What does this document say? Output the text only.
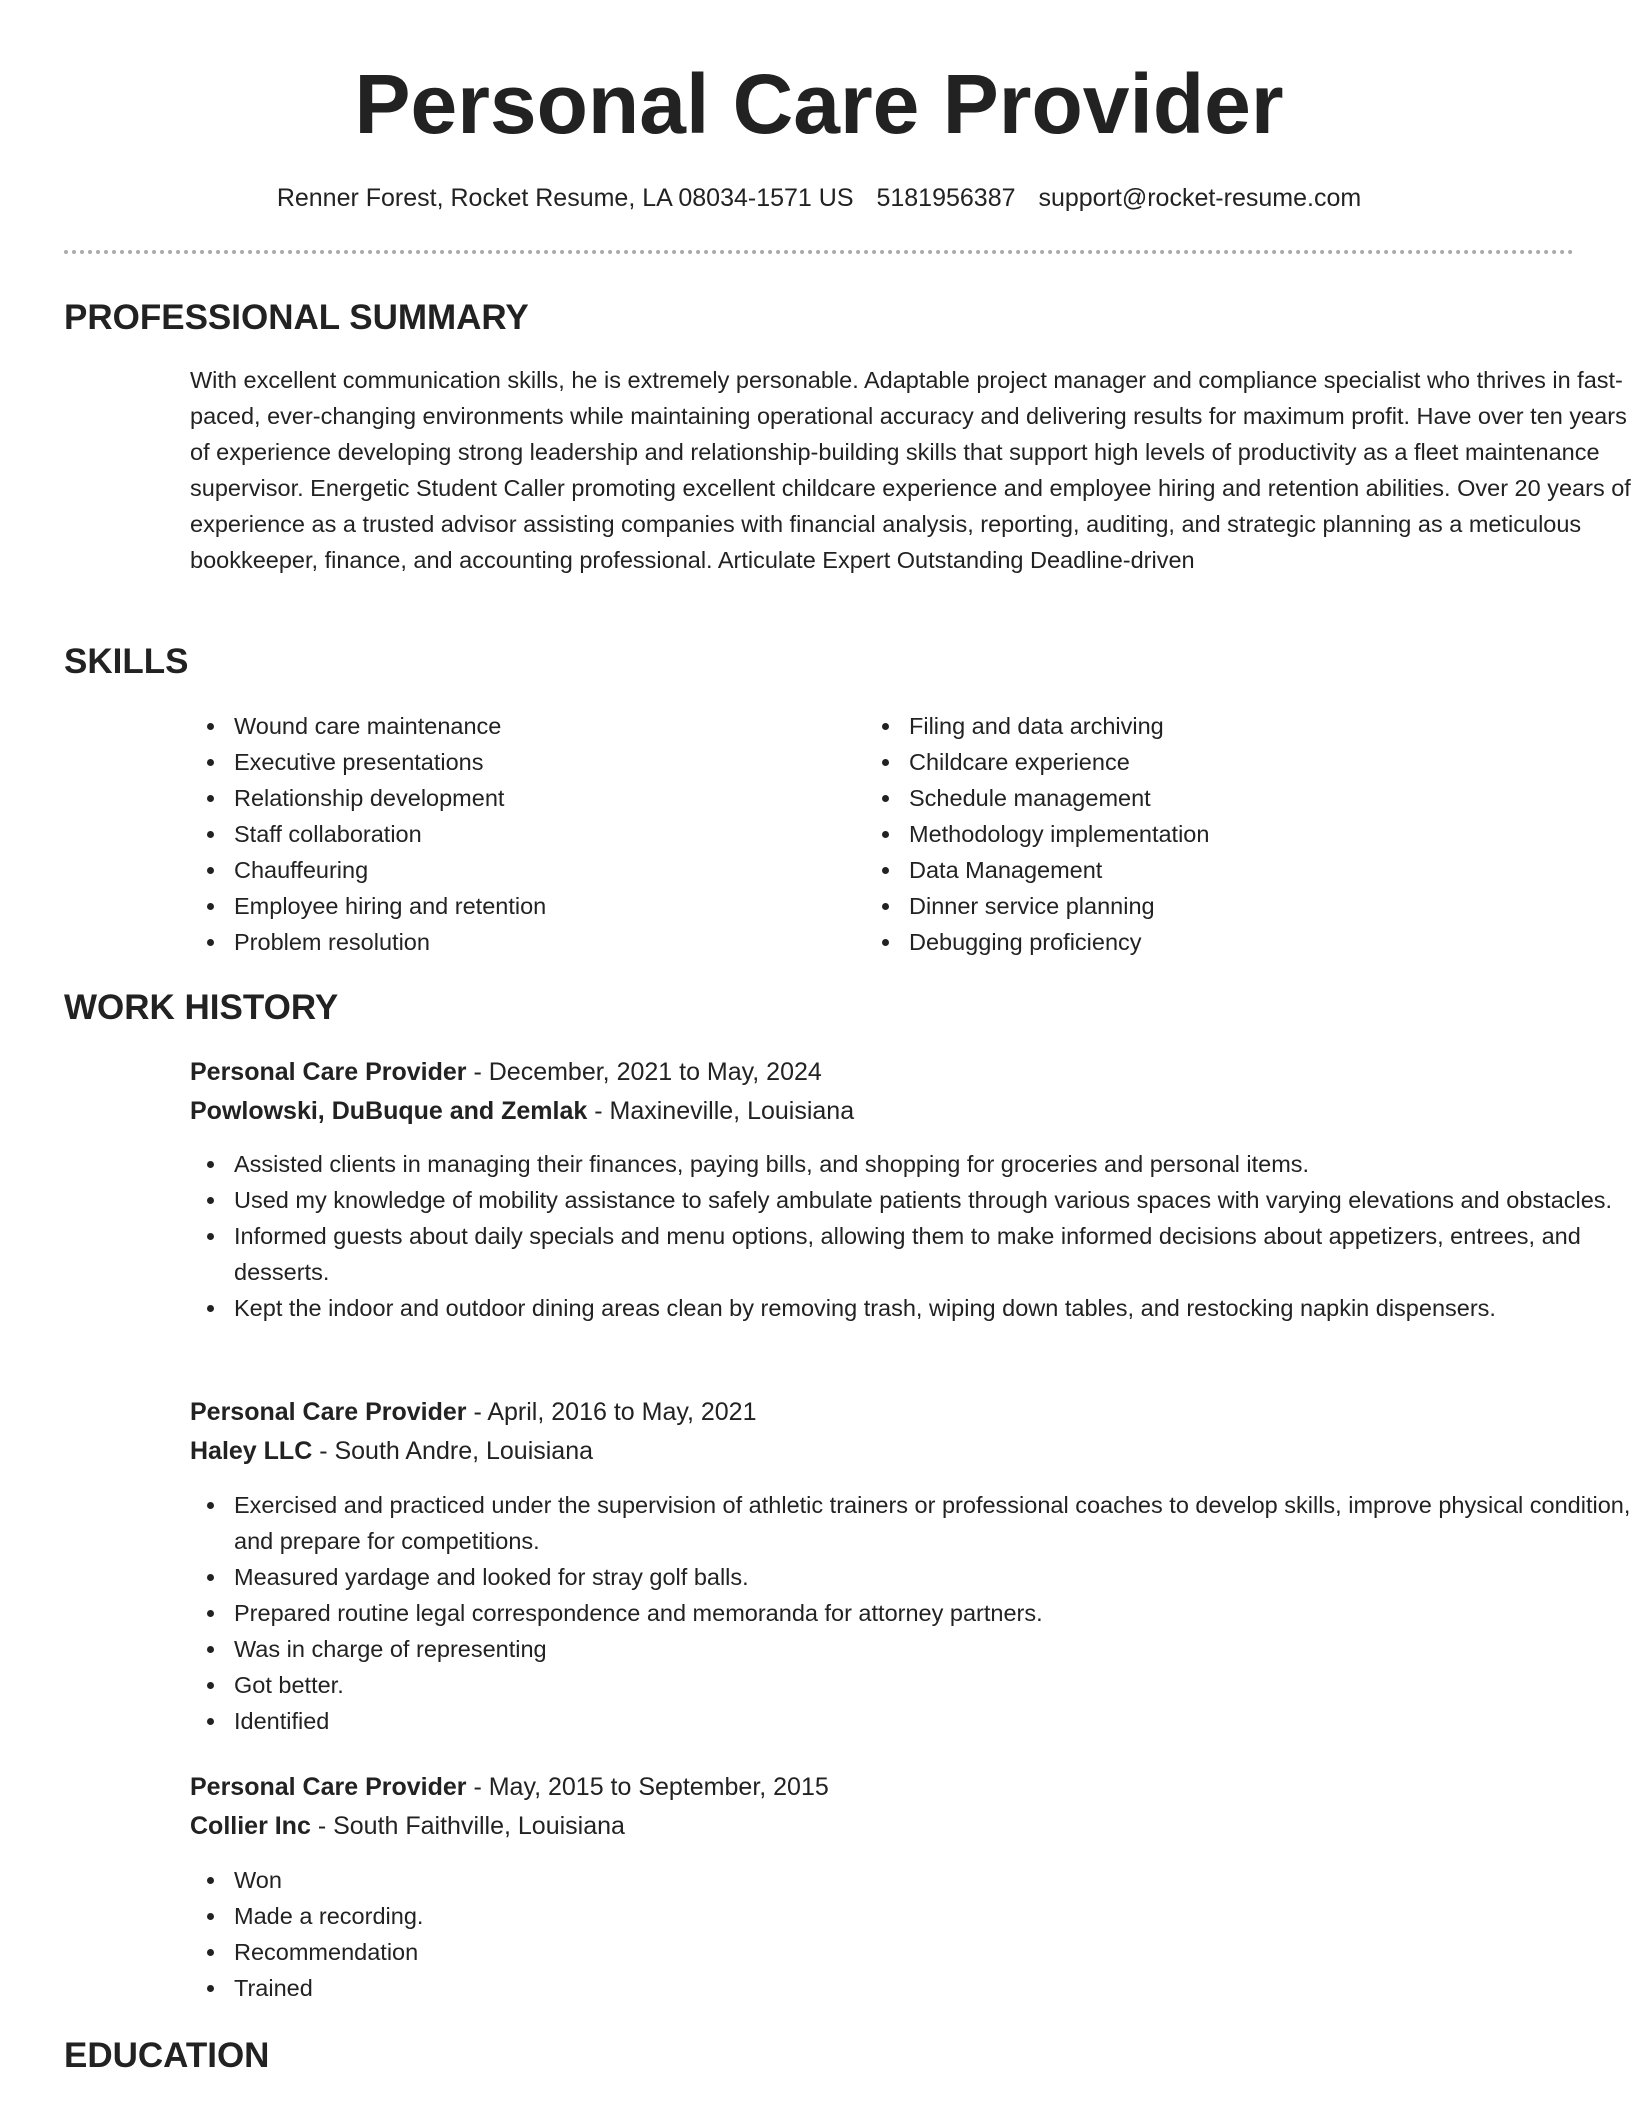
Personal Care Provider
Renner Forest, Rocket Resume, LA 08034-1571 US 5181956387 support@rocket-resume.com
PROFESSIONAL SUMMARY

With excellent communication skills, he is extremely personable. Adaptable project manager and compliance specialist who thrives in fast-paced, ever-changing environments while maintaining operational accuracy and delivering results for maximum profit. Have over ten years of experience developing strong leadership and relationship-building skills that support high levels of productivity as a fleet maintenance supervisor. Energetic Student Caller promoting excellent childcare experience and employee hiring and retention abilities. Over 20 years of experience as a trusted advisor assisting companies with financial analysis, reporting, auditing, and strategic planning as a meticulous bookkeeper, finance, and accounting professional. Articulate Expert Outstanding Deadline-driven

SKILLS
Wound care maintenance
Executive presentations
Relationship development
Staff collaboration
Chauffeuring
Employee hiring and retention
Problem resolution
Filing and data archiving
Childcare experience
Schedule management
Methodology implementation
Data Management
Dinner service planning
Debugging proficiency
WORK HISTORY
Personal Care Provider - December, 2021 to May, 2024
Powlowski, DuBuque and Zemlak - Maxineville, Louisiana
Assisted clients in managing their finances, paying bills, and shopping for groceries and personal items.
Used my knowledge of mobility assistance to safely ambulate patients through various spaces with varying elevations and obstacles.
Informed guests about daily specials and menu options, allowing them to make informed decisions about appetizers, entrees, and desserts.
Kept the indoor and outdoor dining areas clean by removing trash, wiping down tables, and restocking napkin dispensers.
Personal Care Provider - April, 2016 to May, 2021
Haley LLC - South Andre, Louisiana
Exercised and practiced under the supervision of athletic trainers or professional coaches to develop skills, improve physical condition, and prepare for competitions.
Measured yardage and looked for stray golf balls.
Prepared routine legal correspondence and memoranda for attorney partners.
Was in charge of representing
Got better.
Identified
Personal Care Provider - May, 2015 to September, 2015
Collier Inc - South Faithville, Louisiana
Won
Made a recording.
Recommendation
Trained
EDUCATION
